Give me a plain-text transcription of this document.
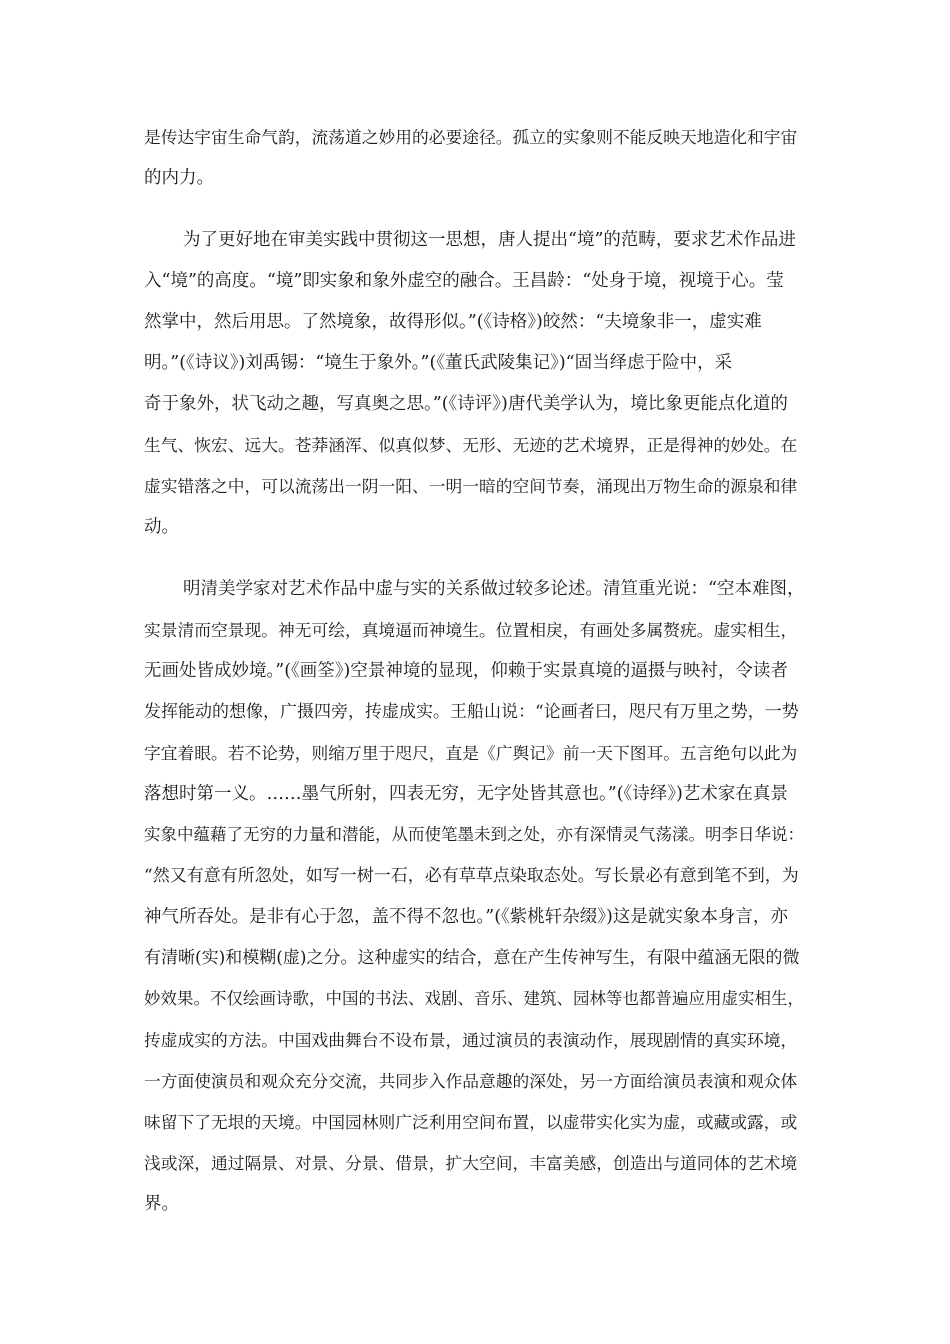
是传达宇宙生命气韵，流荡道之妙用的必要途径。孤立的实象则不能反映天地造化和宇宙
的内力。
为了更好地在审美实践中贯彻这一思想，唐人提出“境”的范畴，要求艺术作品进
入“境”的高度。“境”即实象和象外虚空的融合。王昌龄：“处身于境，视境于心。莹
然掌中，然后用思。了然境象，故得形似。”(《诗格》)皎然：“夫境象非一，虚实难
明。”(《诗议》)刘禹锡：“境生于象外。”(《董氏武陵集记》)“固当绎虑于险中，采
奇于象外，状飞动之趣，写真奥之思。”(《诗评》)唐代美学认为，境比象更能点化道的
生气、恢宏、远大。苍莽涵浑、似真似梦、无形、无迹的艺术境界，正是得神的妙处。在
虚实错落之中，可以流荡出一阴一阳、一明一暗的空间节奏，涌现出万物生命的源泉和律
动。
明清美学家对艺术作品中虚与实的关系做过较多论述。清笪重光说：“空本难图，
实景清而空景现。神无可绘，真境逼而神境生。位置相戾，有画处多属赘疣。虚实相生，
无画处皆成妙境。”(《画筌》)空景神境的显现，仰赖于实景真境的逼摄与映衬，令读者
发挥能动的想像，广摄四旁，抟虚成实。王船山说：“论画者曰，咫尺有万里之势，一势
字宜着眼。若不论势，则缩万里于咫尺，直是《广舆记》前一天下图耳。五言绝句以此为
落想时第一义。……墨气所射，四表无穷，无字处皆其意也。”(《诗绎》)艺术家在真景
实象中蕴藉了无穷的力量和潜能，从而使笔墨未到之处，亦有深情灵气荡漾。明李日华说：
“然又有意有所忽处，如写一树一石，必有草草点染取态处。写长景必有意到笔不到，为
神气所吞处。是非有心于忽，盖不得不忽也。”(《紫桃轩杂缀》)这是就实象本身言，亦
有清晰(实)和模糊(虚)之分。这种虚实的结合，意在产生传神写生，有限中蕴涵无限的微
妙效果。不仅绘画诗歌，中国的书法、戏剧、音乐、建筑、园林等也都普遍应用虚实相生，
抟虚成实的方法。中国戏曲舞台不设布景，通过演员的表演动作，展现剧情的真实环境，
一方面使演员和观众充分交流，共同步入作品意趣的深处，另一方面给演员表演和观众体
味留下了无垠的天境。中国园林则广泛利用空间布置，以虚带实化实为虚，或藏或露，或
浅或深，通过隔景、对景、分景、借景，扩大空间，丰富美感，创造出与道同体的艺术境
界。
